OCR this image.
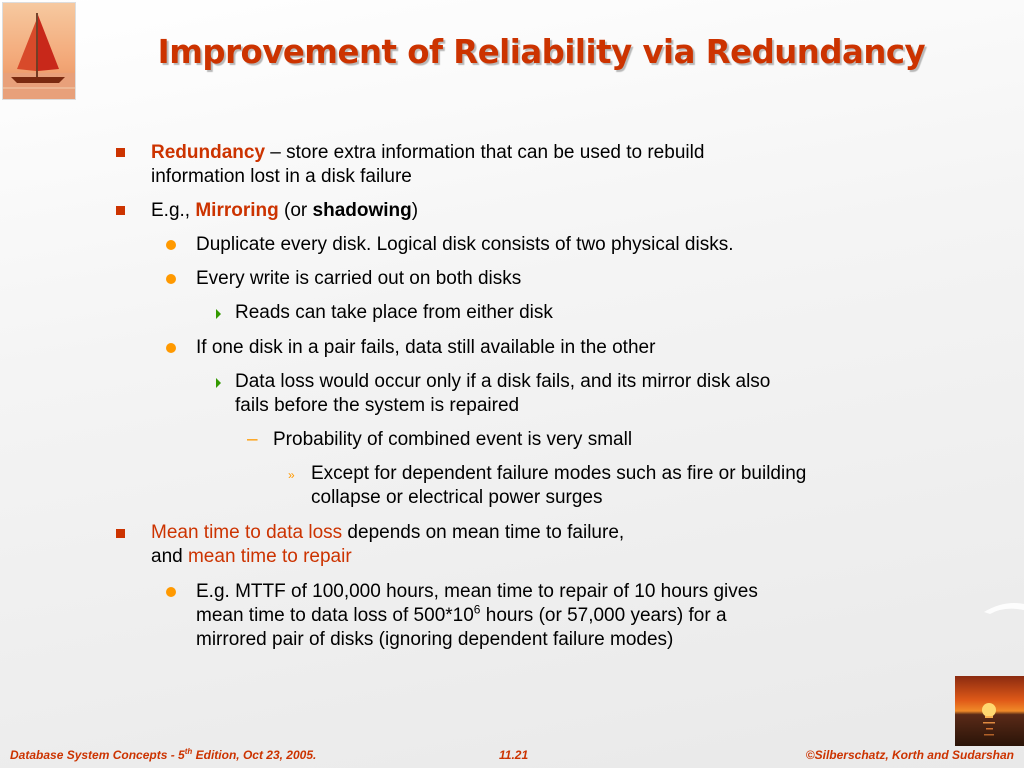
Improvement of Reliability via Redundancy
Redundancy – store extra information that can be used to rebuild
information lost in a disk failure
E.g., Mirroring (or shadowing)
Duplicate every disk. Logical disk consists of two physical disks.
Every write is carried out on both disks
Reads can take place from either disk
If one disk in a pair fails, data still available in the other
Data loss would occur only if a disk fails, and its mirror disk also
fails before the system is repaired
– Probability of combined event is very small
» Except for dependent failure modes such as fire or building
collapse or electrical power surges
Mean time to data loss depends on mean time to failure,
and mean time to repair
E.g. MTTF of 100,000 hours, mean time to repair of 10 hours gives
mean time to data loss of $500*10^6$ hours (or 57,000 years) for a
mirrored pair of disks (ignoring dependent failure modes)
Database System Concepts - 5th Edition, Oct 23, 2005.	11.21	©Silberschatz, Korth and Sudarshan
